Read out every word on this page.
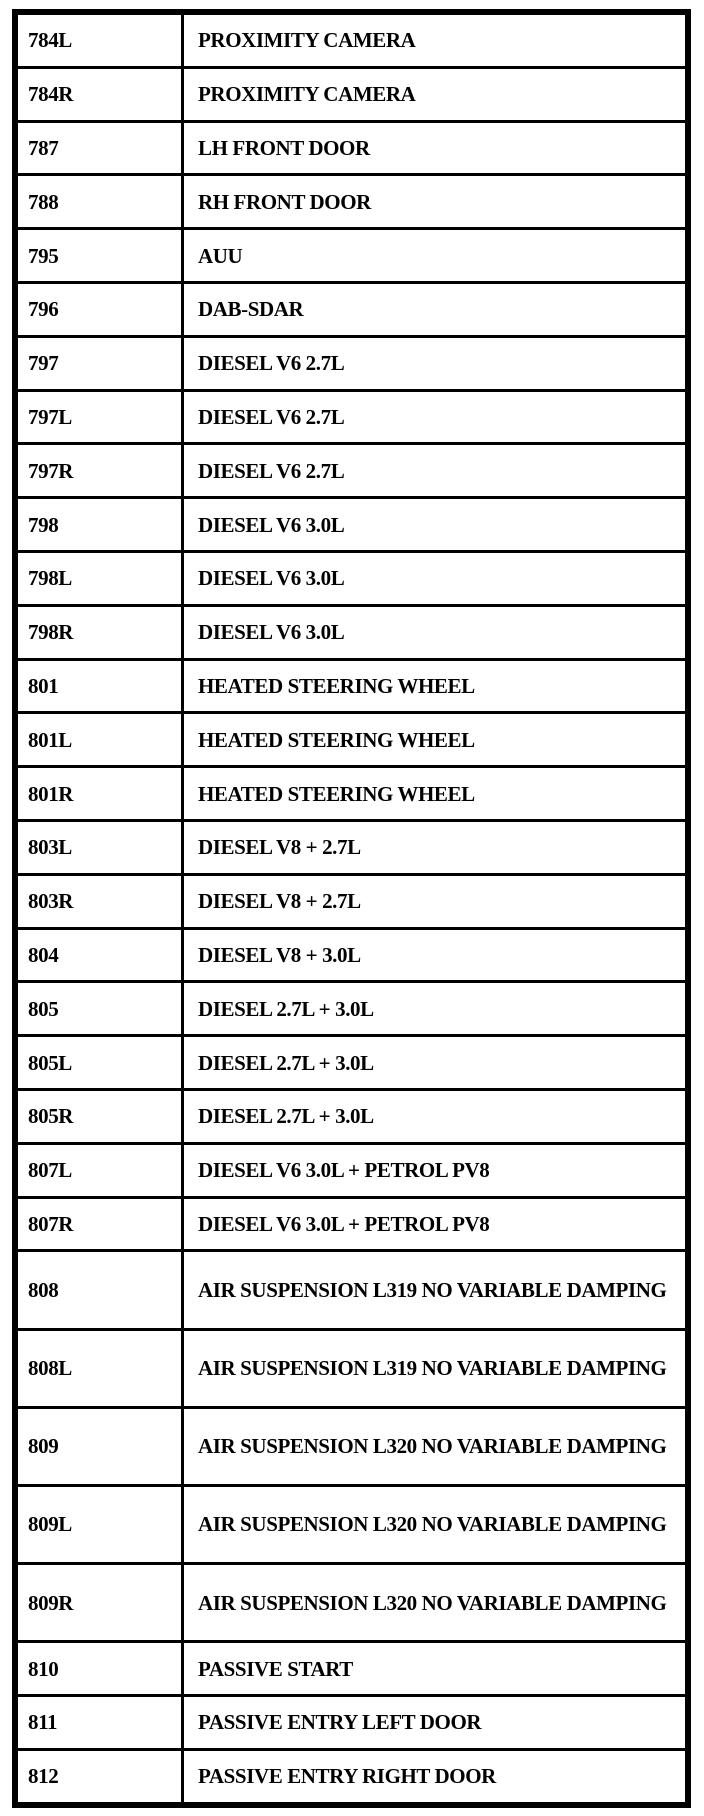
784L	PROXIMITY CAMERA
784R	PROXIMITY CAMERA
787	LH FRONT DOOR
788	RH FRONT DOOR
795	AUU
796	DAB-SDAR
797	DIESEL V6 2.7L
797L	DIESEL V6 2.7L
797R	DIESEL V6 2.7L
798	DIESEL V6 3.0L
798L	DIESEL V6 3.0L
798R	DIESEL V6 3.0L
801	HEATED STEERING WHEEL
801L	HEATED STEERING WHEEL
801R	HEATED STEERING WHEEL
803L	DIESEL V8 + 2.7L
803R	DIESEL V8 + 2.7L
804	DIESEL V8 + 3.0L
805	DIESEL 2.7L + 3.0L
805L	DIESEL 2.7L + 3.0L
805R	DIESEL 2.7L + 3.0L
807L	DIESEL V6 3.0L + PETROL PV8
807R	DIESEL V6 3.0L + PETROL PV8
808	AIR SUSPENSION L319 NO VARIABLE DAMPING
808L	AIR SUSPENSION L319 NO VARIABLE DAMPING
809	AIR SUSPENSION L320 NO VARIABLE DAMPING
809L	AIR SUSPENSION L320 NO VARIABLE DAMPING
809R	AIR SUSPENSION L320 NO VARIABLE DAMPING
810	PASSIVE START
811	PASSIVE ENTRY LEFT DOOR
812	PASSIVE ENTRY RIGHT DOOR
